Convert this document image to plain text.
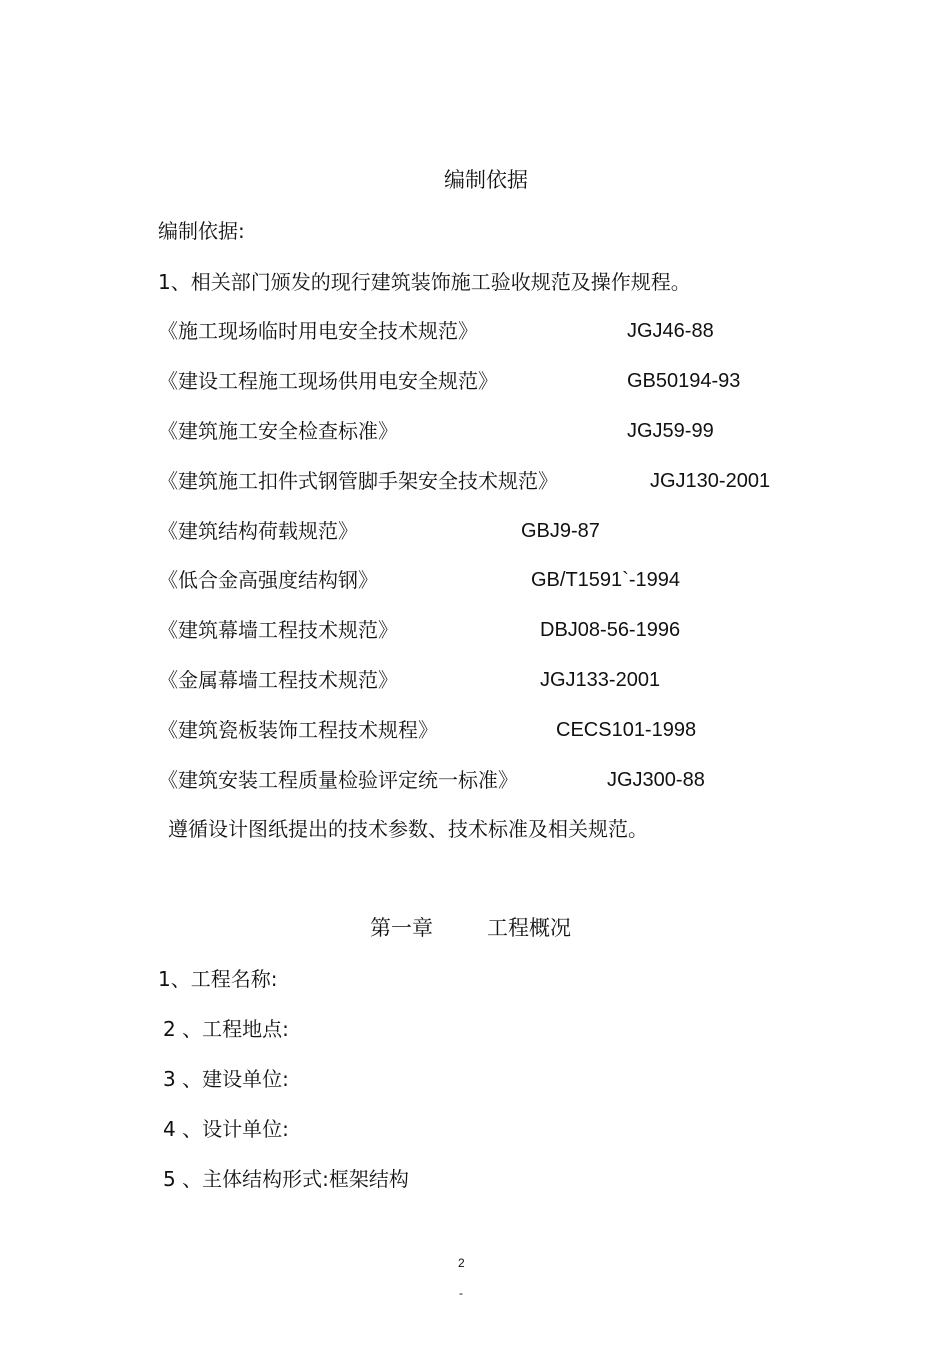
编制依据
编制依据:
1、相关部门颁发的现行建筑装饰施工验收规范及操作规程。
《施工现场临时用电安全技术规范》	JGJ46-88
《建设工程施工现场供用电安全规范》	GB50194-93
《建筑施工安全检查标准》	JGJ59-99
《建筑施工扣件式钢管脚手架安全技术规范》	JGJ130-2001
《建筑结构荷载规范》	GBJ9-87
《低合金高强度结构钢》	GB/T1591`-1994
《建筑幕墙工程技术规范》	DBJ08-56-1996
《金属幕墙工程技术规范》	JGJ133-2001
《建筑瓷板装饰工程技术规程》	CECS101-1998
《建筑安装工程质量检验评定统一标准》	JGJ300-88
遵循设计图纸提出的技术参数、技术标准及相关规范。
第一章	工程概况
1、工程名称:
2 、工程地点:
3 、建设单位:
4 、设计单位:
5 、主体结构形式:框架结构
2
-
